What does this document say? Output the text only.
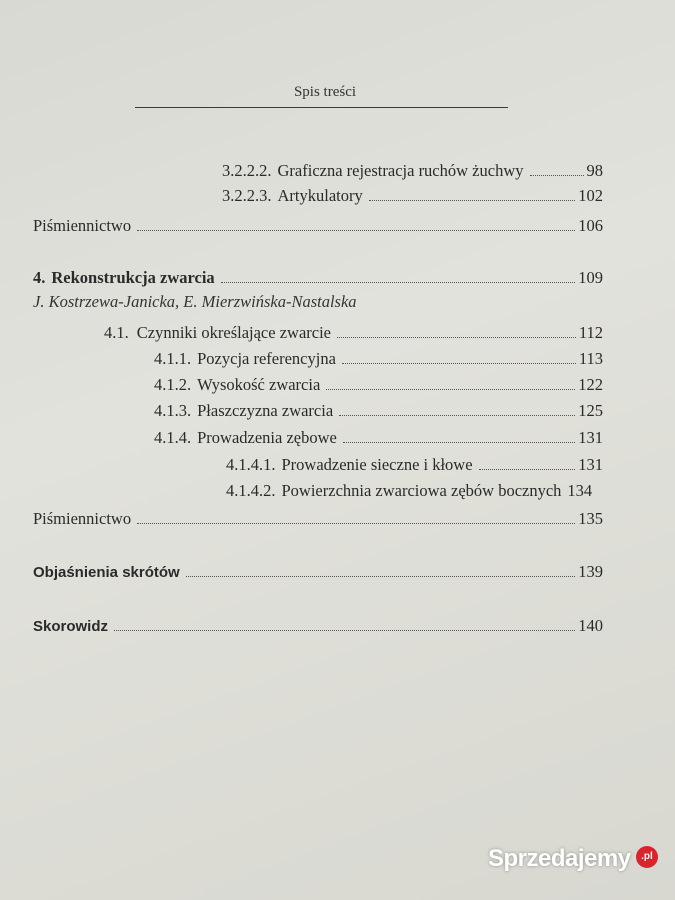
Spis treści
3.2.2.2. Graficzna rejestracja ruchów żuchwy	98
3.2.2.3. Artykulatory	102
Piśmiennictwo	106
4. Rekonstrukcja zwarcia	109
J. Kostrzewa-Janicka, E. Mierzwińska-Nastalska
4.1. Czynniki określające zwarcie	112
4.1.1. Pozycja referencyjna	113
4.1.2. Wysokość zwarcia	122
4.1.3. Płaszczyzna zwarcia	125
4.1.4. Prowadzenia zębowe	131
4.1.4.1. Prowadzenie sieczne i kłowe	131
4.1.4.2. Powierzchnia zwarciowa zębów bocznych 134
Piśmiennictwo	135
Objaśnienia skrótów	139
Skorowidz	140
Sprzedajemy	.pl
